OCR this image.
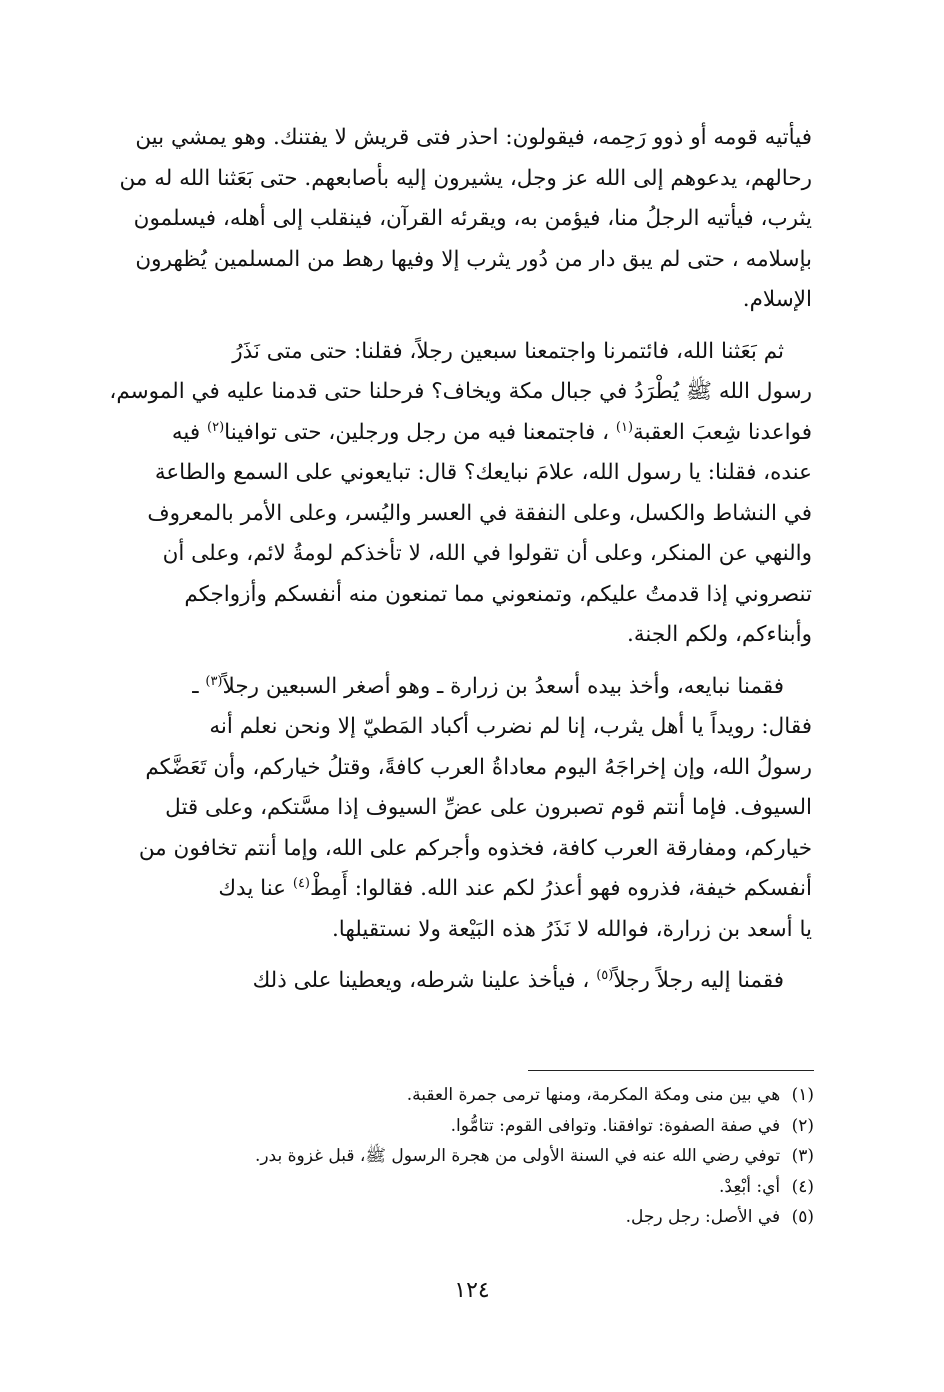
فيأتيه قومه أو ذوو رَحِمه، فيقولون: احذر فتى قريش لا يفتنك. وهو يمشي بين
رحالهم، يدعوهم إلى الله عز وجل، يشيرون إليه بأصابعهم. حتى بَعَثنا الله له من
يثرب، فيأتيه الرجلُ منا، فيؤمن به، ويقرئه القرآن، فينقلب إلى أهله، فيسلمون
بإسلامه ، حتى لم يبق دار من دُور يثرب إلا وفيها رهط من المسلمين يُظهرون
الإسلام.

ثم بَعَثنا الله، فائتمرنا واجتمعنا سبعين رجلاً، فقلنا: حتى متى نَذَرُ
رسول الله ﷺ يُطْرَدُ في جبال مكة ويخاف؟ فرحلنا حتى قدمنا عليه في الموسم،
فواعدنا شِعبَ العقبة$^{(١)}$ ، فاجتمعنا فيه من رجل ورجلين، حتى توافينا$^{(٢)}$ فيه
عنده، فقلنا: يا رسول الله، علامَ نبايعك؟ قال: تبايعوني على السمع والطاعة
في النشاط والكسل، وعلى النفقة في العسر واليُسر، وعلى الأمر بالمعروف
والنهي عن المنكر، وعلى أن تقولوا في الله، لا تأخذكم لومةُ لائم، وعلى أن
تنصروني إذا قدمتُ عليكم، وتمنعوني مما تمنعون منه أنفسكم وأزواجكم
وأبناءكم، ولكم الجنة.

فقمنا نبايعه، وأخذ بيده أسعدُ بن زرارة ـ وهو أصغر السبعين رجلاً$^{(٣)}$ ـ
فقال: رويداً يا أهل يثرب، إنا لم نضرب أكباد المَطيّ إلا ونحن نعلم أنه
رسولُ الله، وإن إخراجَهُ اليوم معاداةُ العرب كافةً، وقتلُ خياركم، وأن تَعَضَّكم
السيوف. فإما أنتم قوم تصبرون على عضِّ السيوف إذا مسَّتكم، وعلى قتل
خياركم، ومفارقة العرب كافة، فخذوه وأجركم على الله، وإما أنتم تخافون من
أنفسكم خيفة، فذروه فهو أعذرُ لكم عند الله. فقالوا: أَمِطْ$^{(٤)}$ عنا يدك
يا أسعد بن زرارة، فوالله لا نَذَرُ هذه البَيْعة ولا نستقيلها.

فقمنا إليه رجلاً رجلاً$^{(٥)}$ ، فيأخذ علينا شرطه، ويعطينا على ذلك

(١) هي بين منى ومكة المكرمة، ومنها ترمى جمرة العقبة.
(٢) في صفة الصفوة: توافقنا. وتوافى القوم: تتامُّوا.
(٣) توفي رضي الله عنه في السنة الأولى من هجرة الرسول ﷺ، قبل غزوة بدر.
(٤) أي: أبْعِدْ.
(٥) في الأصل: رجل رجل.
١٢٤
